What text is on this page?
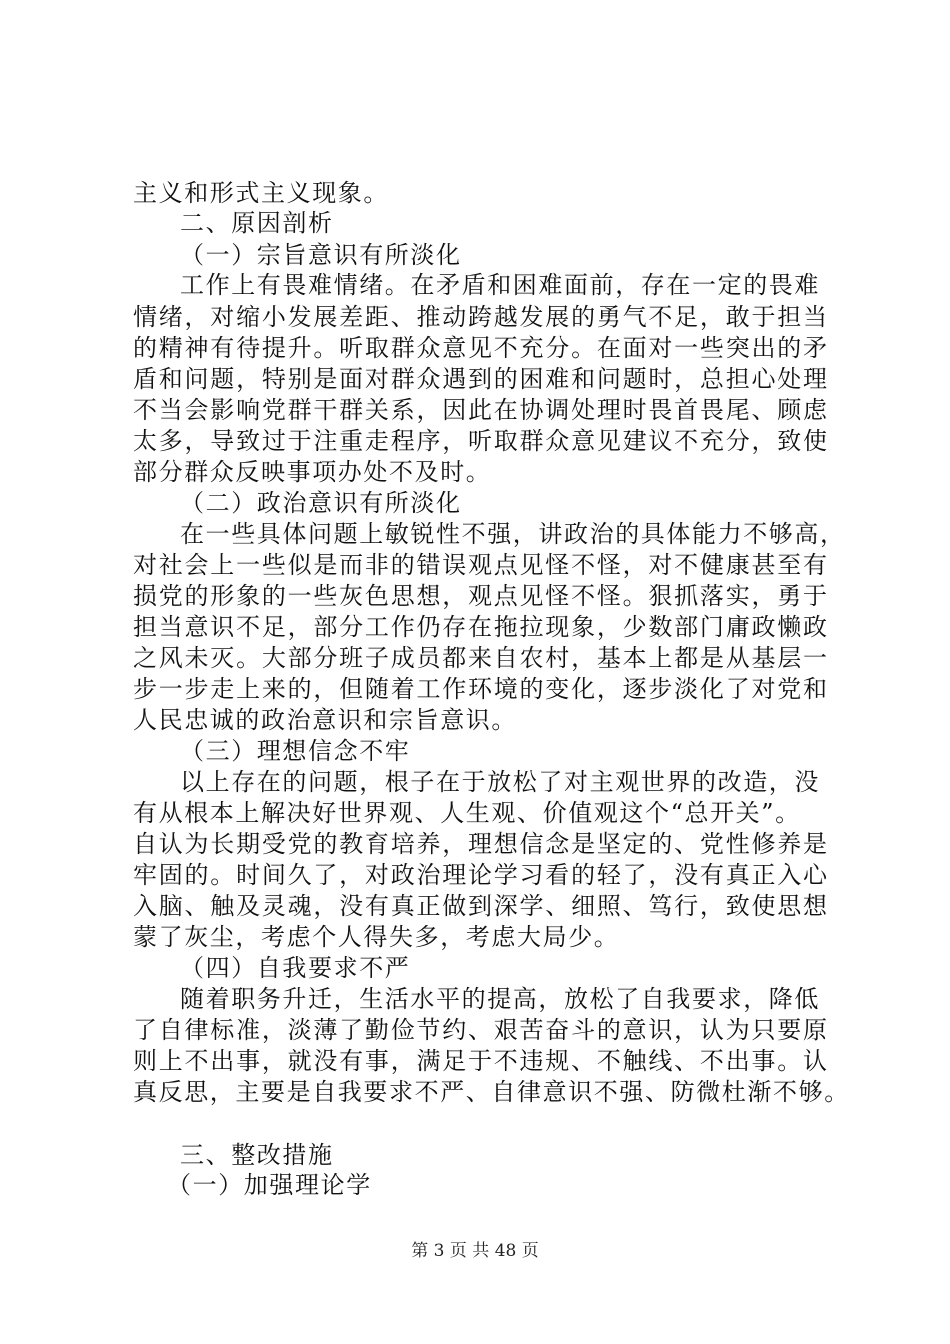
主义和形式主义现象。
二、原因剖析
（一）宗旨意识有所淡化
工作上有畏难情绪。在矛盾和困难面前，存在一定的畏难
情绪，对缩小发展差距、推动跨越发展的勇气不足，敢于担当
的精神有待提升。听取群众意见不充分。在面对一些突出的矛
盾和问题，特别是面对群众遇到的困难和问题时，总担心处理
不当会影响党群干群关系，因此在协调处理时畏首畏尾、顾虑
太多，导致过于注重走程序，听取群众意见建议不充分，致使
部分群众反映事项办处不及时。
（二）政治意识有所淡化
在一些具体问题上敏锐性不强，讲政治的具体能力不够高，
对社会上一些似是而非的错误观点见怪不怪，对不健康甚至有
损党的形象的一些灰色思想，观点见怪不怪。狠抓落实，勇于
担当意识不足，部分工作仍存在拖拉现象，少数部门庸政懒政
之风未灭。大部分班子成员都来自农村，基本上都是从基层一
步一步走上来的，但随着工作环境的变化，逐步淡化了对党和
人民忠诚的政治意识和宗旨意识。
（三）理想信念不牢
以上存在的问题，根子在于放松了对主观世界的改造，没
有从根本上解决好世界观、人生观、价值观这个“总开关”。
自认为长期受党的教育培养，理想信念是坚定的、党性修养是
牢固的。时间久了，对政治理论学习看的轻了，没有真正入心
入脑、触及灵魂，没有真正做到深学、细照、笃行，致使思想
蒙了灰尘，考虑个人得失多，考虑大局少。
（四）自我要求不严
随着职务升迁，生活水平的提高，放松了自我要求，降低
了自律标准，淡薄了勤俭节约、艰苦奋斗的意识，认为只要原
则上不出事，就没有事，满足于不违规、不触线、不出事。认
真反思，主要是自我要求不严、自律意识不强、防微杜渐不够。
三、整改措施
（一）加强理论学
第 3 页 共 48 页
